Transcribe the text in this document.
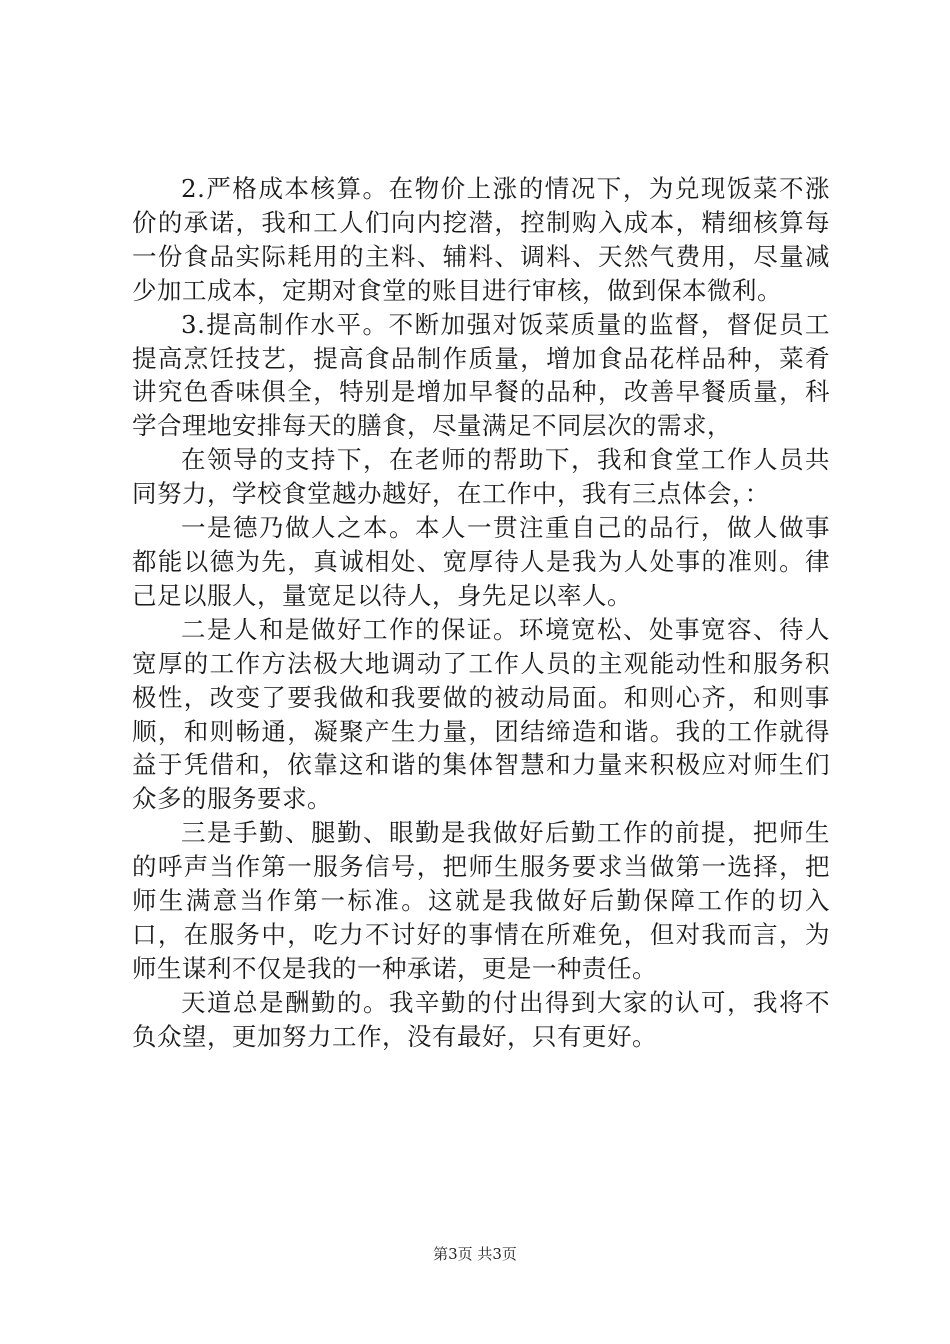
2.严格成本核算。在物价上涨的情况下，为兑现饭菜不涨价的承诺，我和工人们向内挖潜，控制购入成本，精细核算每一份食品实际耗用的主料、辅料、调料、天然气费用，尽量减少加工成本，定期对食堂的账目进行审核，做到保本微利。

3.提高制作水平。不断加强对饭菜质量的监督，督促员工提高烹饪技艺，提高食品制作质量，增加食品花样品种，菜肴讲究色香味俱全，特别是增加早餐的品种，改善早餐质量，科学合理地安排每天的膳食，尽量满足不同层次的需求，

在领导的支持下，在老师的帮助下，我和食堂工作人员共同努力，学校食堂越办越好，在工作中，我有三点体会，：

一是德乃做人之本。本人一贯注重自己的品行，做人做事都能以德为先，真诚相处、宽厚待人是我为人处事的准则。律己足以服人，量宽足以待人，身先足以率人。

二是人和是做好工作的保证。环境宽松、处事宽容、待人宽厚的工作方法极大地调动了工作人员的主观能动性和服务积极性，改变了要我做和我要做的被动局面。和则心齐，和则事顺，和则畅通，凝聚产生力量，团结缔造和谐。我的工作就得益于凭借和，依靠这和谐的集体智慧和力量来积极应对师生们众多的服务要求。

三是手勤、腿勤、眼勤是我做好后勤工作的前提，把师生的呼声当作第一服务信号，把师生服务要求当做第一选择，把师生满意当作第一标准。这就是我做好后勤保障工作的切入口，在服务中，吃力不讨好的事情在所难免，但对我而言，为师生谋利不仅是我的一种承诺，更是一种责任。

天道总是酬勤的。我辛勤的付出得到大家的认可，我将不负众望，更加努力工作，没有最好，只有更好。

第3页 共3页
